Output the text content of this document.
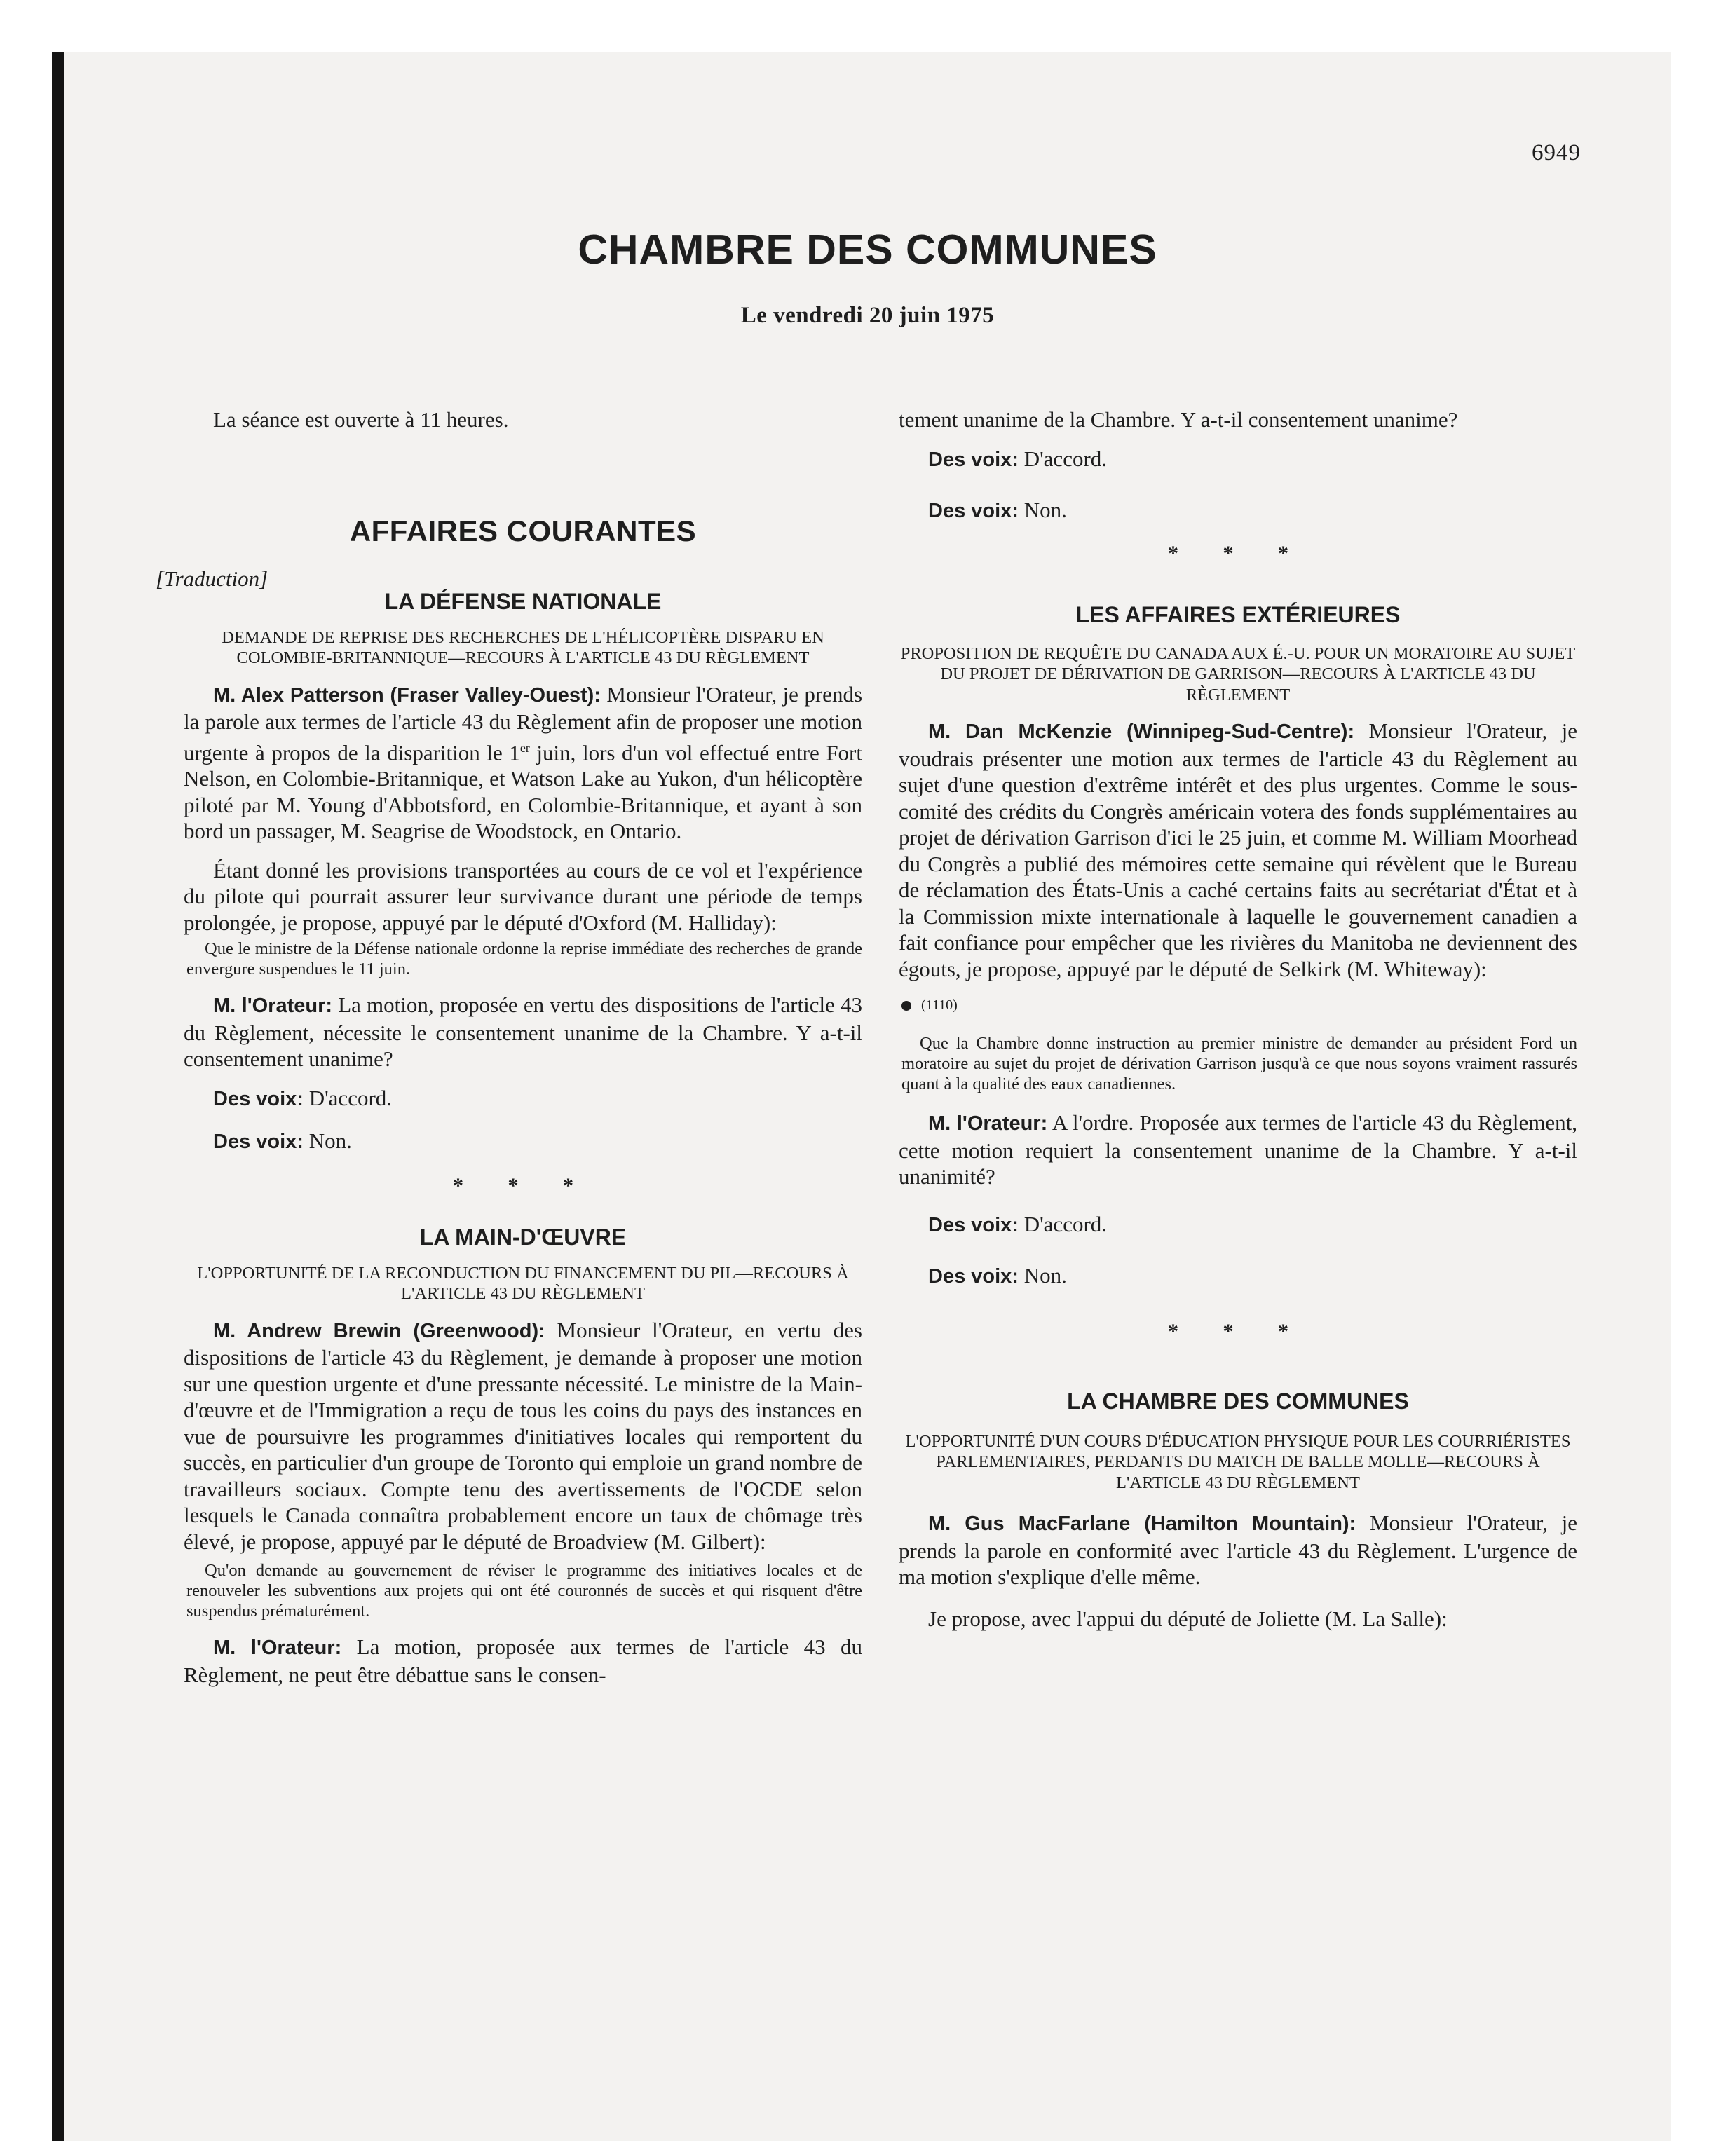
6949
CHAMBRE DES COMMUNES
Le vendredi 20 juin 1975

La séance est ouverte à 11 heures.

AFFAIRES COURANTES
[Traduction]
LA DÉFENSE NATIONALE
DEMANDE DE REPRISE DES RECHERCHES DE L'HÉLICOPTÈRE DISPARU EN COLOMBIE-BRITANNIQUE—RECOURS À L'ARTICLE 43 DU RÈGLEMENT

M. Alex Patterson (Fraser Valley-Ouest): Monsieur l'Orateur, je prends la parole aux termes de l'article 43 du Règlement afin de proposer une motion urgente à propos de la disparition le 1er juin, lors d'un vol effectué entre Fort Nelson, en Colombie-Britannique, et Watson Lake au Yukon, d'un hélicoptère piloté par M. Young d'Abbotsford, en Colombie-Britannique, et ayant à son bord un passager, M. Seagrise de Woodstock, en Ontario.

Étant donné les provisions transportées au cours de ce vol et l'expérience du pilote qui pourrait assurer leur survivance durant une période de temps prolongée, je propose, appuyé par le député d'Oxford (M. Halliday):

Que le ministre de la Défense nationale ordonne la reprise immédiate des recherches de grande envergure suspendues le 11 juin.

M. l'Orateur: La motion, proposée en vertu des dispositions de l'article 43 du Règlement, nécessite le consentement unanime de la Chambre. Y a-t-il consentement unanime?

Des voix: D'accord.

Des voix: Non.

* * *
LA MAIN-D'ŒUVRE
L'OPPORTUNITÉ DE LA RECONDUCTION DU FINANCEMENT DU PIL—RECOURS À L'ARTICLE 43 DU RÈGLEMENT

M. Andrew Brewin (Greenwood): Monsieur l'Orateur, en vertu des dispositions de l'article 43 du Règlement, je demande à proposer une motion sur une question urgente et d'une pressante nécessité. Le ministre de la Main-d'œuvre et de l'Immigration a reçu de tous les coins du pays des instances en vue de poursuivre les programmes d'initiatives locales qui remportent du succès, en particulier d'un groupe de Toronto qui emploie un grand nombre de travailleurs sociaux. Compte tenu des avertissements de l'OCDE selon lesquels le Canada connaîtra probablement encore un taux de chômage très élevé, je propose, appuyé par le député de Broadview (M. Gilbert):

Qu'on demande au gouvernement de réviser le programme des initiatives locales et de renouveler les subventions aux projets qui ont été couronnés de succès et qui risquent d'être suspendus prématurément.

M. l'Orateur: La motion, proposée aux termes de l'article 43 du Règlement, ne peut être débattue sans le consen-

tement unanime de la Chambre. Y a-t-il consentement unanime?

Des voix: D'accord.

Des voix: Non.

* * *
LES AFFAIRES EXTÉRIEURES
PROPOSITION DE REQUÊTE DU CANADA AUX É.-U. POUR UN MORATOIRE AU SUJET DU PROJET DE DÉRIVATION DE GARRISON—RECOURS À L'ARTICLE 43 DU RÈGLEMENT

M. Dan McKenzie (Winnipeg-Sud-Centre): Monsieur l'Orateur, je voudrais présenter une motion aux termes de l'article 43 du Règlement au sujet d'une question d'extrême intérêt et des plus urgentes. Comme le sous-comité des crédits du Congrès américain votera des fonds supplémentaires au projet de dérivation Garrison d'ici le 25 juin, et comme M. William Moorhead du Congrès a publié des mémoires cette semaine qui révèlent que le Bureau de réclamation des États-Unis a caché certains faits au secrétariat d'État et à la Commission mixte internationale à laquelle le gouvernement canadien a fait confiance pour empêcher que les rivières du Manitoba ne deviennent des égouts, je propose, appuyé par le député de Selkirk (M. Whiteway):

(1110)

Que la Chambre donne instruction au premier ministre de demander au président Ford un moratoire au sujet du projet de dérivation Garrison jusqu'à ce que nous soyons vraiment rassurés quant à la qualité des eaux canadiennes.

M. l'Orateur: A l'ordre. Proposée aux termes de l'article 43 du Règlement, cette motion requiert la consentement unanime de la Chambre. Y a-t-il unanimité?

Des voix: D'accord.

Des voix: Non.

* * *
LA CHAMBRE DES COMMUNES
L'OPPORTUNITÉ D'UN COURS D'ÉDUCATION PHYSIQUE POUR LES COURRIÉRISTES PARLEMENTAIRES, PERDANTS DU MATCH DE BALLE MOLLE—RECOURS À L'ARTICLE 43 DU RÈGLEMENT

M. Gus MacFarlane (Hamilton Mountain): Monsieur l'Orateur, je prends la parole en conformité avec l'article 43 du Règlement. L'urgence de ma motion s'explique d'elle même.

Je propose, avec l'appui du député de Joliette (M. La Salle):
